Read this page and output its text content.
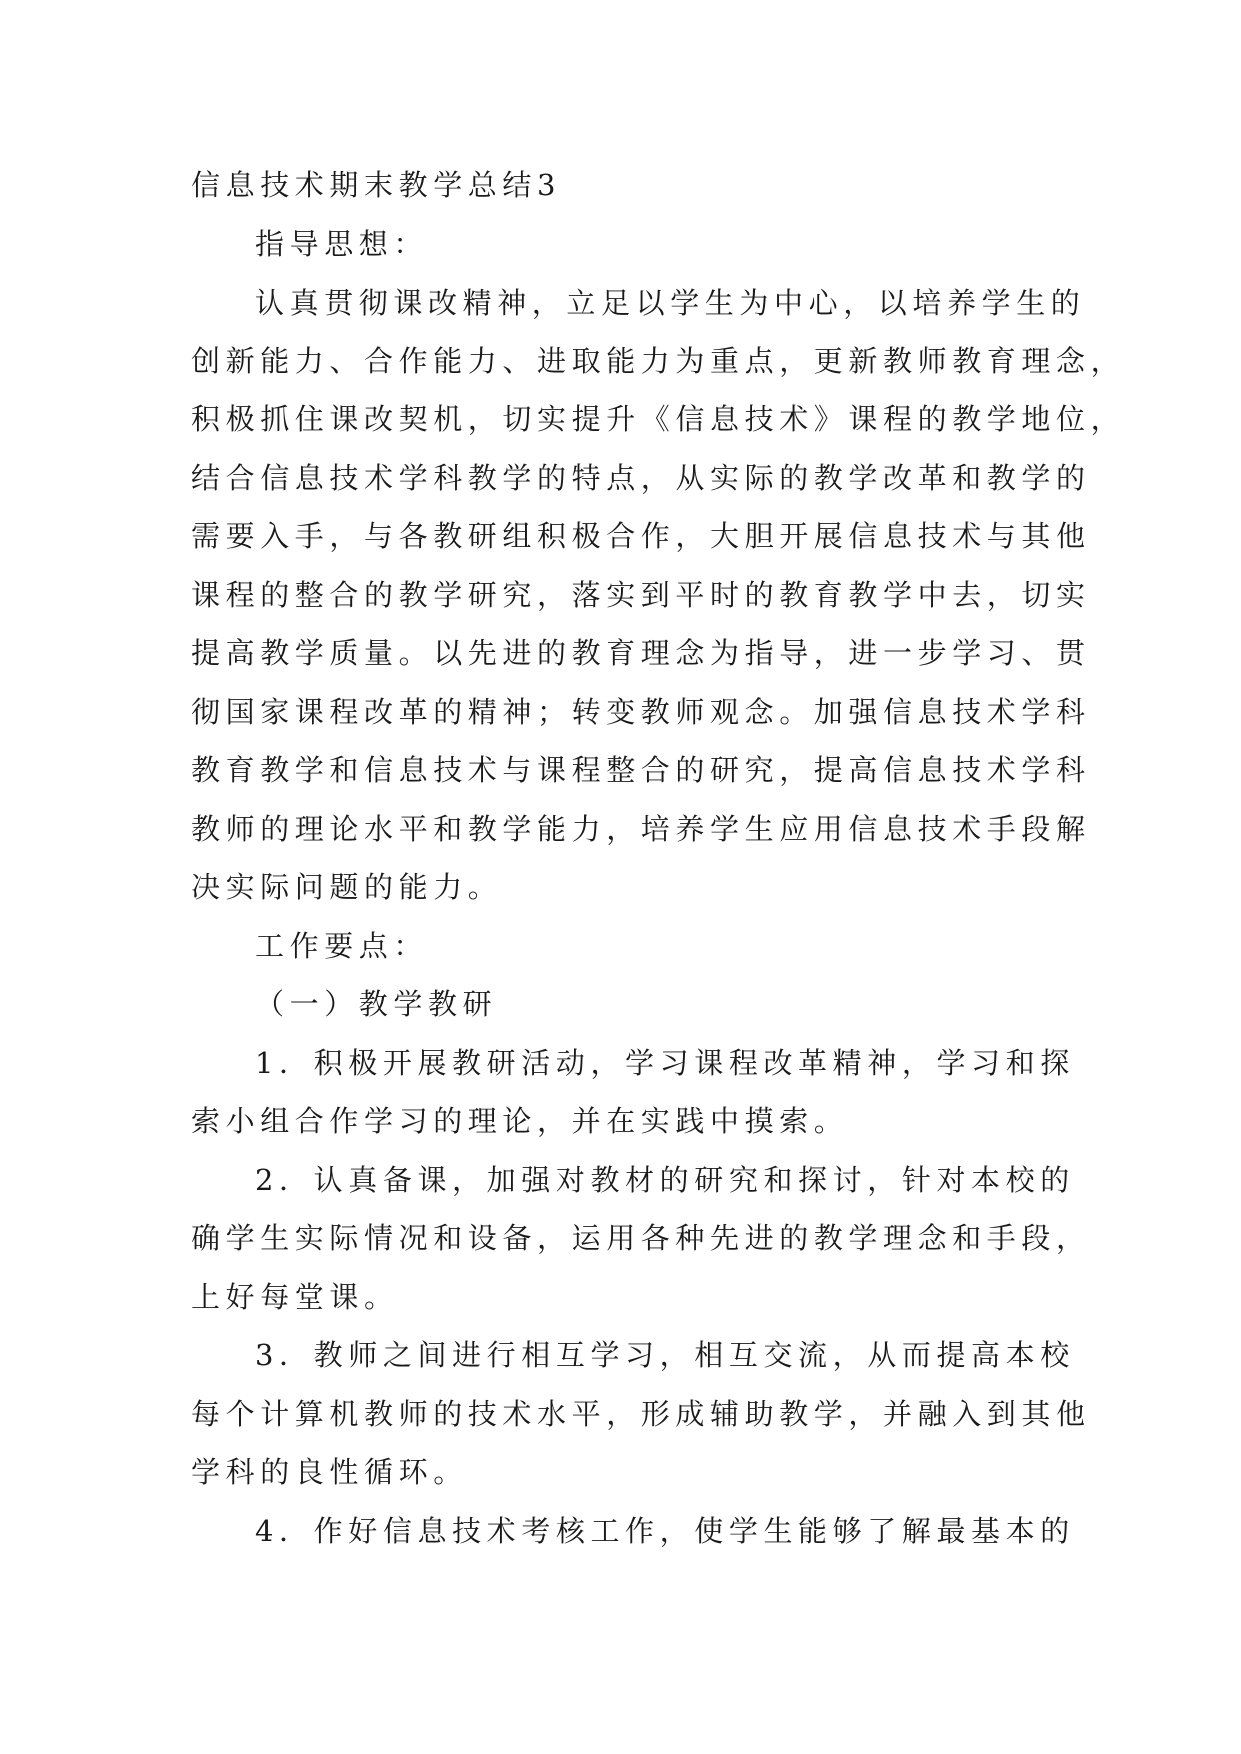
信息技术期末教学总结3
指导思想：
认真贯彻课改精神，立足以学生为中心，以培养学生的
创新能力、合作能力、进取能力为重点，更新教师教育理念，
积极抓住课改契机，切实提升《信息技术》课程的教学地位，
结合信息技术学科教学的特点，从实际的教学改革和教学的
需要入手，与各教研组积极合作，大胆开展信息技术与其他
课程的整合的教学研究，落实到平时的教育教学中去，切实
提高教学质量。以先进的教育理念为指导，进一步学习、贯
彻国家课程改革的精神；转变教师观念。加强信息技术学科
教育教学和信息技术与课程整合的研究，提高信息技术学科
教师的理论水平和教学能力，培养学生应用信息技术手段解
决实际问题的能力。
工作要点：
（一）教学教研
1．积极开展教研活动，学习课程改革精神，学习和探
索小组合作学习的理论，并在实践中摸索。
2．认真备课，加强对教材的研究和探讨，针对本校的
确学生实际情况和设备，运用各种先进的教学理念和手段，
上好每堂课。
3．教师之间进行相互学习，相互交流，从而提高本校
每个计算机教师的技术水平，形成辅助教学，并融入到其他
学科的良性循环。
4．作好信息技术考核工作，使学生能够了解最基本的
